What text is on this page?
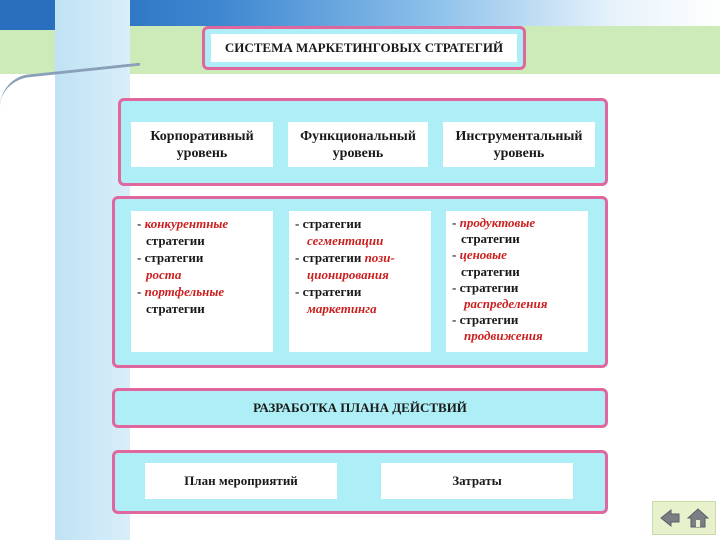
СИСТЕМА МАРКЕТИНГОВЫХ СТРАТЕГИЙ
Корпоративный
уровень
Функциональный
уровень
Инструментальный
уровень
- конкурентные
стратегии
- стратегии
роста
- портфельные
стратегии
- стратегии
сегментации
- стратегии пози-
ционирования
- стратегии
маркетинга
- продуктовые
стратегии
- ценовые
стратегии
- стратегии
распределения
- стратегии
продвижения
РАЗРАБОТКА ПЛАНА ДЕЙСТВИЙ
План мероприятий	Затраты
